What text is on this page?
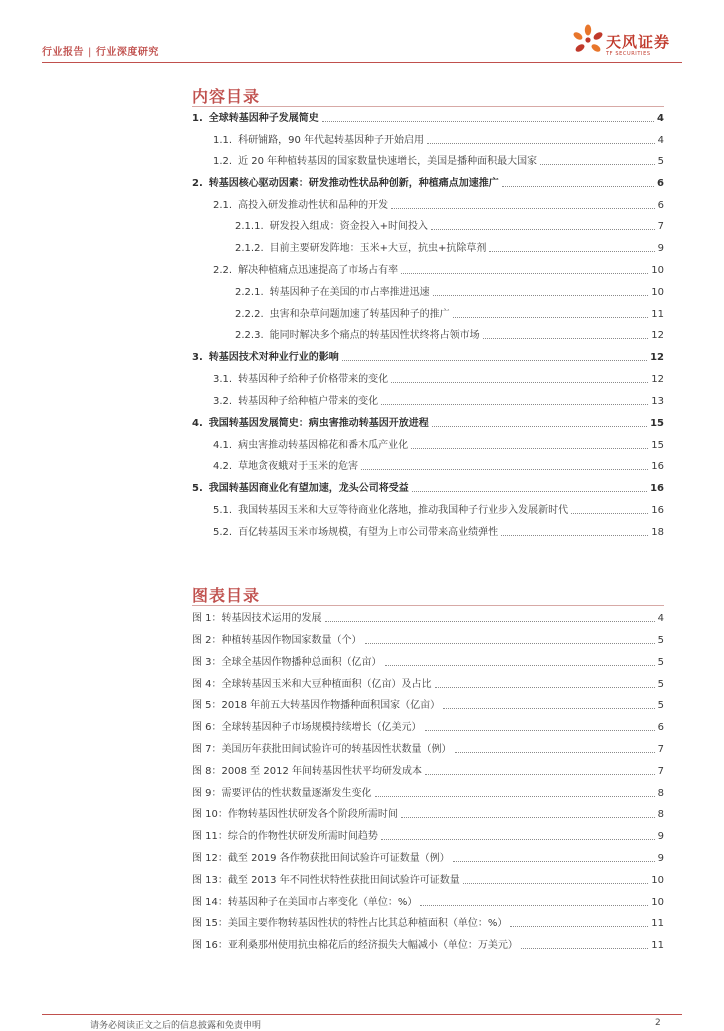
行业报告 | 行业深度研究
天风证券
TF SECURITIES
内容目录
1. 全球转基因种子发展简史	4
1.1. 科研铺路，90 年代起转基因种子开始启用	4
1.2. 近 20 年种植转基因的国家数量快速增长，美国是播种面积最大国家	5
2. 转基因核心驱动因素：研发推动性状品种创新，种植痛点加速推广	6
2.1. 高投入研发推动性状和品种的开发	6
2.1.1. 研发投入组成：资金投入+时间投入	7
2.1.2. 目前主要研发阵地：玉米+大豆，抗虫+抗除草剂	9
2.2. 解决种植痛点迅速提高了市场占有率	10
2.2.1. 转基因种子在美国的市占率推进迅速	10
2.2.2. 虫害和杂草问题加速了转基因种子的推广	11
2.2.3. 能同时解决多个痛点的转基因性状终将占领市场	12
3. 转基因技术对种业行业的影响	12
3.1. 转基因种子给种子价格带来的变化	12
3.2. 转基因种子给种植户带来的变化	13
4. 我国转基因发展简史：病虫害推动转基因开放进程	15
4.1. 病虫害推动转基因棉花和番木瓜产业化	15
4.2. 草地贪夜蛾对于玉米的危害	16
5. 我国转基因商业化有望加速，龙头公司将受益	16
5.1. 我国转基因玉米和大豆等待商业化落地，推动我国种子行业步入发展新时代	16
5.2. 百亿转基因玉米市场规模，有望为上市公司带来高业绩弹性	18
图表目录
图 1： 转基因技术运用的发展	4
图 2： 种植转基因作物国家数量（个）	5
图 3： 全球全基因作物播种总面积（亿亩）	5
图 4： 全球转基因玉米和大豆种植面积（亿亩）及占比	5
图 5： 2018 年前五大转基因作物播种面积国家（亿亩）	5
图 6： 全球转基因种子市场规模持续增长（亿美元）	6
图 7： 美国历年获批田间试验许可的转基因性状数量（例）	7
图 8： 2008 至 2012 年间转基因性状平均研发成本	7
图 9： 需要评估的性状数量逐渐发生变化	8
图 10： 作物转基因性状研发各个阶段所需时间	8
图 11： 综合的作物性状研发所需时间趋势	9
图 12： 截至 2019 各作物获批田间试验许可证数量（例）	9
图 13： 截至 2013 年不同性状特性获批田间试验许可证数量	10
图 14： 转基因种子在美国市占率变化（单位：%）	10
图 15： 美国主要作物转基因性状的特性占比其总种植面积（单位：%）	11
图 16： 亚利桑那州使用抗虫棉花后的经济损失大幅减小（单位：万美元）	11
请务必阅读正文之后的信息披露和免责申明	2
